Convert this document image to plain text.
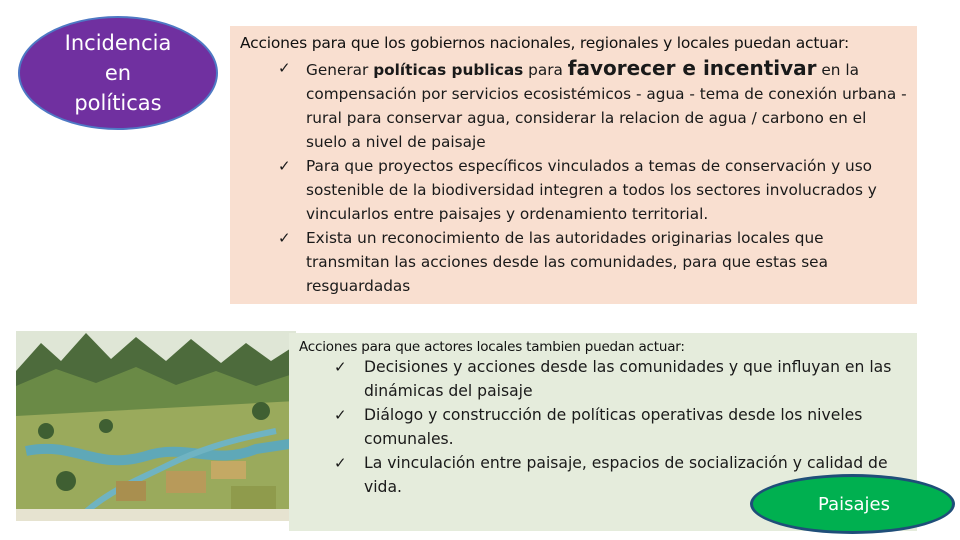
Incidencia
en
políticas
Acciones para que los gobiernos nacionales, regionales y locales puedan actuar:
✓ Generar políticas publicas para favorecer e incentivar en la compensación por servicios ecosistémicos - agua - tema de conexión urbana - rural para conservar agua, considerar la relacion de agua / carbono en el suelo a nivel de paisaje
✓ Para que proyectos específicos vinculados a temas de conservación y uso sostenible de la biodiversidad integren a todos los sectores involucrados y vincularlos entre paisajes y ordenamiento territorial.
✓ Exista un reconocimiento de las autoridades originarias locales que transmitan las acciones desde las comunidades, para que estas sea resguardadas
Acciones para que actores locales tambien puedan actuar:
✓ Decisiones y acciones desde las comunidades y que influyan en las dinámicas del paisaje
✓ Diálogo y construcción de políticas operativas desde los niveles comunales.
✓ La vinculación entre paisaje, espacios de socialización y calidad de vida.
Paisajes
